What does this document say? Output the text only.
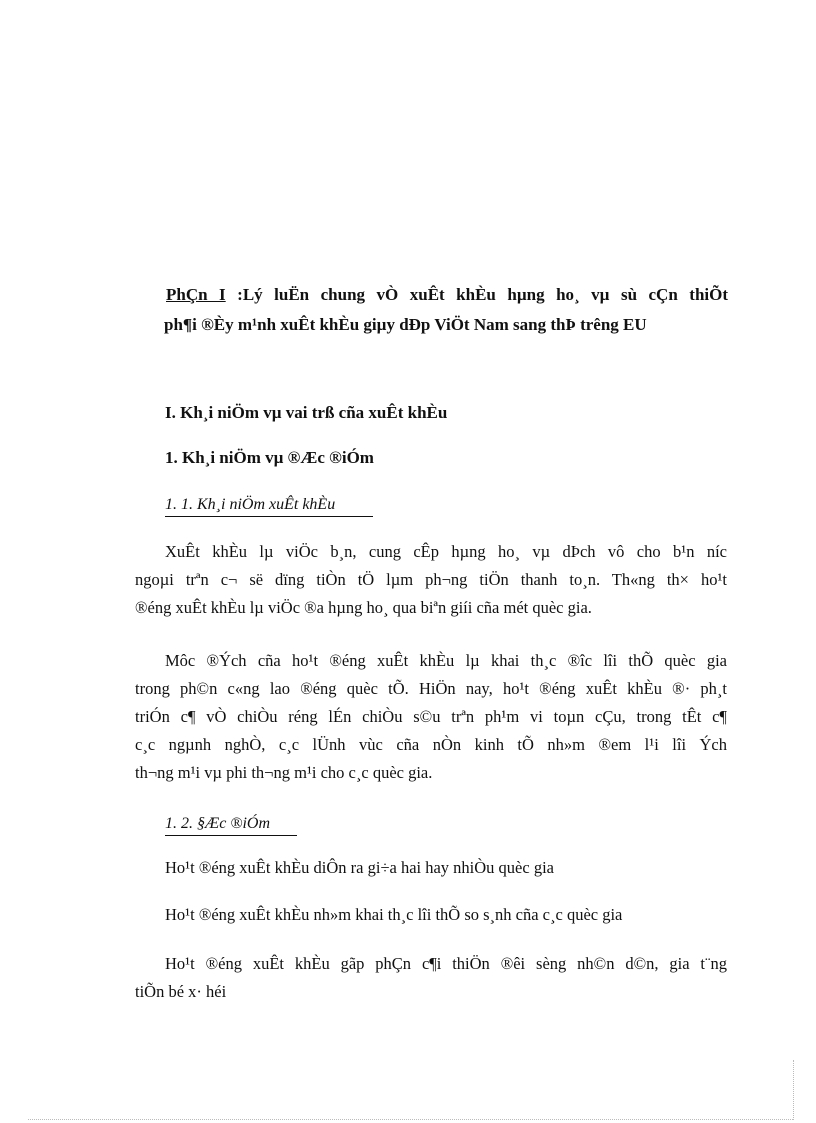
PhÇn I :Lý luËn chung vÒ xuÊt khÈu hµng ho¸ vµ sù cÇn thiÕt
ph¶i ®Èy m¹nh xuÊt khÈu giµy dÐp ViÖt Nam sang thÞ trêng EU
I. Kh¸i niÖm vµ vai trß cña xuÊt khÈu
1. Kh¸i niÖm vµ ®Æc ®iÓm
1. 1. Kh¸i niÖm xuÊt khÈu
XuÊt khÈu lµ viÖc b¸n, cung cÊp hµng ho¸ vµ dÞch vô cho b¹n níc
ngoµi trªn c¬ së dïng tiÒn tÖ lµm ph¬ng tiÖn thanh to¸n. Th«ng th× ho¹t
®éng xuÊt khÈu lµ viÖc ®a hµng ho¸ qua biªn giíi cña mét quèc gia.
Môc ®Ých cña ho¹t ®éng xuÊt khÈu lµ khai th¸c ®îc lîi thÕ quèc gia
trong ph©n c«ng lao ®éng quèc tÕ. HiÖn nay, ho¹t ®éng xuÊt khÈu ®· ph¸t
triÓn c¶ vÒ chiÒu réng lÉn chiÒu s©u trªn ph¹m vi toµn cÇu, trong tÊt c¶
c¸c ngµnh nghÒ, c¸c lÜnh vùc cña nÒn kinh tÕ nh»m ®em l¹i lîi Ých
th¬ng m¹i vµ phi th¬ng m¹i cho c¸c quèc gia.
1. 2. §Æc ®iÓm
Ho¹t ®éng xuÊt khÈu diÔn ra gi÷a hai hay nhiÒu quèc gia
Ho¹t ®éng xuÊt khÈu nh»m khai th¸c lîi thÕ so s¸nh cña c¸c quèc gia
Ho¹t ®éng xuÊt khÈu gãp phÇn c¶i thiÖn ®êi sèng nh©n d©n, gia t¨ng
tiÕn bé x· héi
